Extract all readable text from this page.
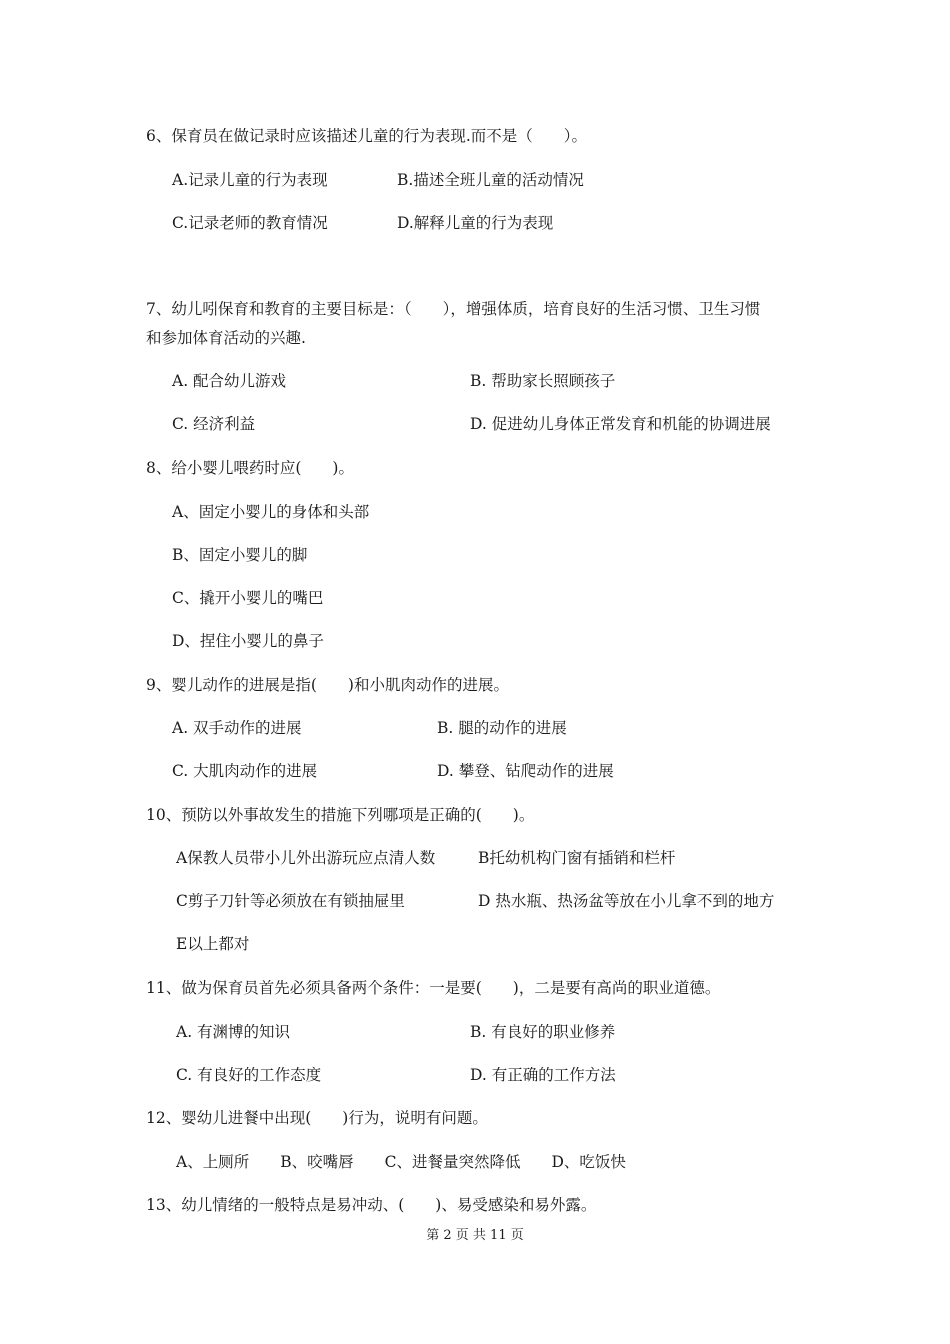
6、保育员在做记录时应该描述儿童的行为表现.而不是（　　）。

A.记录儿童的行为表现	B.描述全班儿童的活动情况

C.记录老师的教育情况	D.解释儿童的行为表现

7、幼儿吲保育和教育的主要目标是：（　　），增强体质，培育良好的生活习惯、卫生习惯

和参加体育活动的兴趣.

A. 配合幼儿游戏	B. 帮助家长照顾孩子

C. 经济利益	D. 促进幼儿身体正常发育和机能的协调进展

8、给小婴儿喂药时应(　　)。

A、固定小婴儿的身体和头部

B、固定小婴儿的脚

C、撬开小婴儿的嘴巴

D、捏住小婴儿的鼻子

9、婴儿动作的进展是指(　　)和小肌肉动作的进展。

A. 双手动作的进展	B. 腿的动作的进展

C. 大肌肉动作的进展	D. 攀登、钻爬动作的进展

10、预防以外事故发生的措施下列哪项是正确的(　　)。

A保教人员带小儿外出游玩应点清人数	B托幼机构门窗有插销和栏杆

C剪子刀针等必须放在有锁抽屉里	D 热水瓶、热汤盆等放在小儿拿不到的地方

E以上都对

11、做为保育员首先必须具备两个条件：一是要(　　)，二是要有高尚的职业道德。

A. 有渊博的知识	B. 有良好的职业修养

C. 有良好的工作态度	D. 有正确的工作方法

12、婴幼儿进餐中出现(　　)行为，说明有问题。

A、上厕所　　B、咬嘴唇　　C、进餐量突然降低　　D、吃饭快

13、幼儿情绪的一般特点是易冲动、(　　)、易受感染和易外露。

第 2 页 共 11 页
